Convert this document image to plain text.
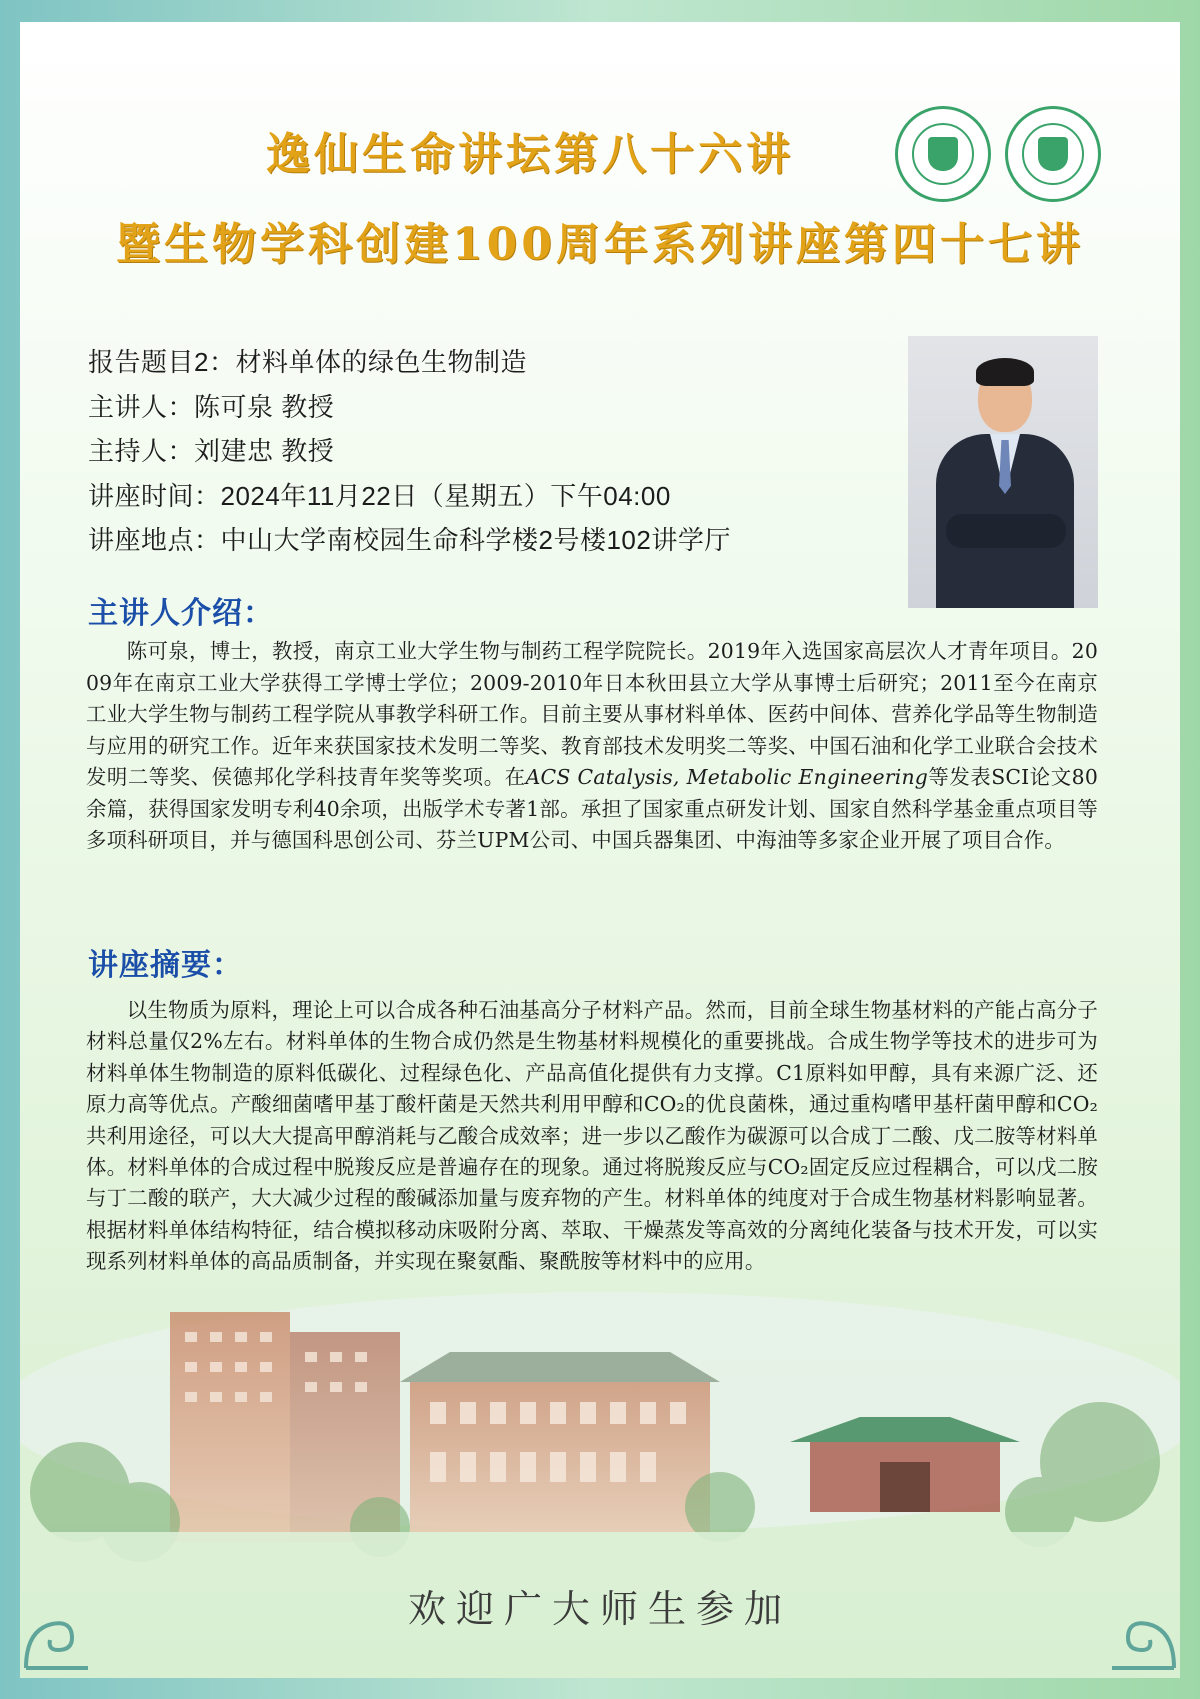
逸仙生命讲坛第八十六讲
暨生物学科创建100周年系列讲座第四十七讲
报告题目2：材料单体的绿色生物制造
主讲人：陈可泉 教授
主持人：刘建忠 教授
讲座时间：2024年11月22日（星期五）下午04:00
讲座地点：中山大学南校园生命科学楼2号楼102讲学厅
主讲人介绍：
陈可泉，博士，教授，南京工业大学生物与制药工程学院院长。2019年入选国家高层次人才青年项目。2009年在南京工业大学获得工学博士学位；2009-2010年日本秋田县立大学从事博士后研究；2011至今在南京工业大学生物与制药工程学院从事教学科研工作。目前主要从事材料单体、医药中间体、营养化学品等生物制造与应用的研究工作。近年来获国家技术发明二等奖、教育部技术发明奖二等奖、中国石油和化学工业联合会技术发明二等奖、侯德邦化学科技青年奖等奖项。在ACS Catalysis, Metabolic Engineering等发表SCI论文80余篇，获得国家发明专利40余项，出版学术专著1部。承担了国家重点研发计划、国家自然科学基金重点项目等多项科研项目，并与德国科思创公司、芬兰UPM公司、中国兵器集团、中海油等多家企业开展了项目合作。
讲座摘要：
以生物质为原料，理论上可以合成各种石油基高分子材料产品。然而，目前全球生物基材料的产能占高分子材料总量仅2%左右。材料单体的生物合成仍然是生物基材料规模化的重要挑战。合成生物学等技术的进步可为材料单体生物制造的原料低碳化、过程绿色化、产品高值化提供有力支撑。C1原料如甲醇，具有来源广泛、还原力高等优点。产酸细菌嗜甲基丁酸杆菌是天然共利用甲醇和CO₂的优良菌株，通过重构嗜甲基杆菌甲醇和CO₂共利用途径，可以大大提高甲醇消耗与乙酸合成效率；进一步以乙酸作为碳源可以合成丁二酸、戊二胺等材料单体。材料单体的合成过程中脱羧反应是普遍存在的现象。通过将脱羧反应与CO₂固定反应过程耦合，可以戊二胺与丁二酸的联产，大大减少过程的酸碱添加量与废弃物的产生。材料单体的纯度对于合成生物基材料影响显著。根据材料单体结构特征，结合模拟移动床吸附分离、萃取、干燥蒸发等高效的分离纯化装备与技术开发，可以实现系列材料单体的高品质制备，并实现在聚氨酯、聚酰胺等材料中的应用。
欢迎广大师生参加
